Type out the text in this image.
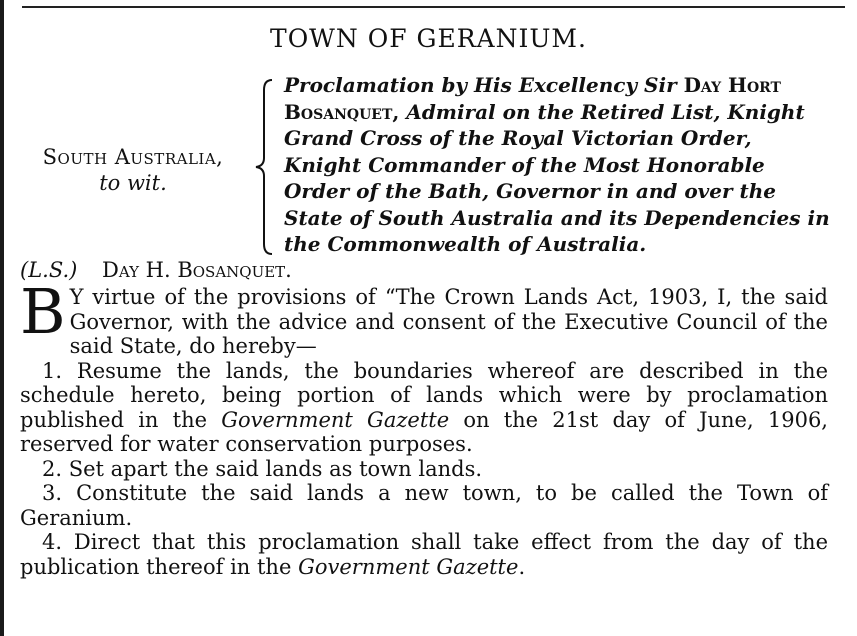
TOWN OF GERANIUM.
South Australia,
to wit.
Proclamation by His Excellency Sir Day Hort Bosanquet, Admiral on the Retired List, Knight Grand Cross of the Royal Victorian Order, Knight Commander of the Most Honorable Order of the Bath, Governor in and over the State of South Australia and its Dependencies in the Commonwealth of Australia.
(L.S.) Day H. Bosanquet.

B Y virtue of the provisions of “The Crown Lands Act, 1903, I, the said Governor, with the advice and consent of the Executive Council of the said State, do hereby—

1. Resume the lands, the boundaries whereof are described in the schedule hereto, being portion of lands which were by proclamation published in the Government Gazette on the 21st day of June, 1906, reserved for water conservation purposes.

2. Set apart the said lands as town lands.

3. Constitute the said lands a new town, to be called the Town of Geranium.

4. Direct that this proclamation shall take effect from the day of the publication thereof in the Government Gazette.
